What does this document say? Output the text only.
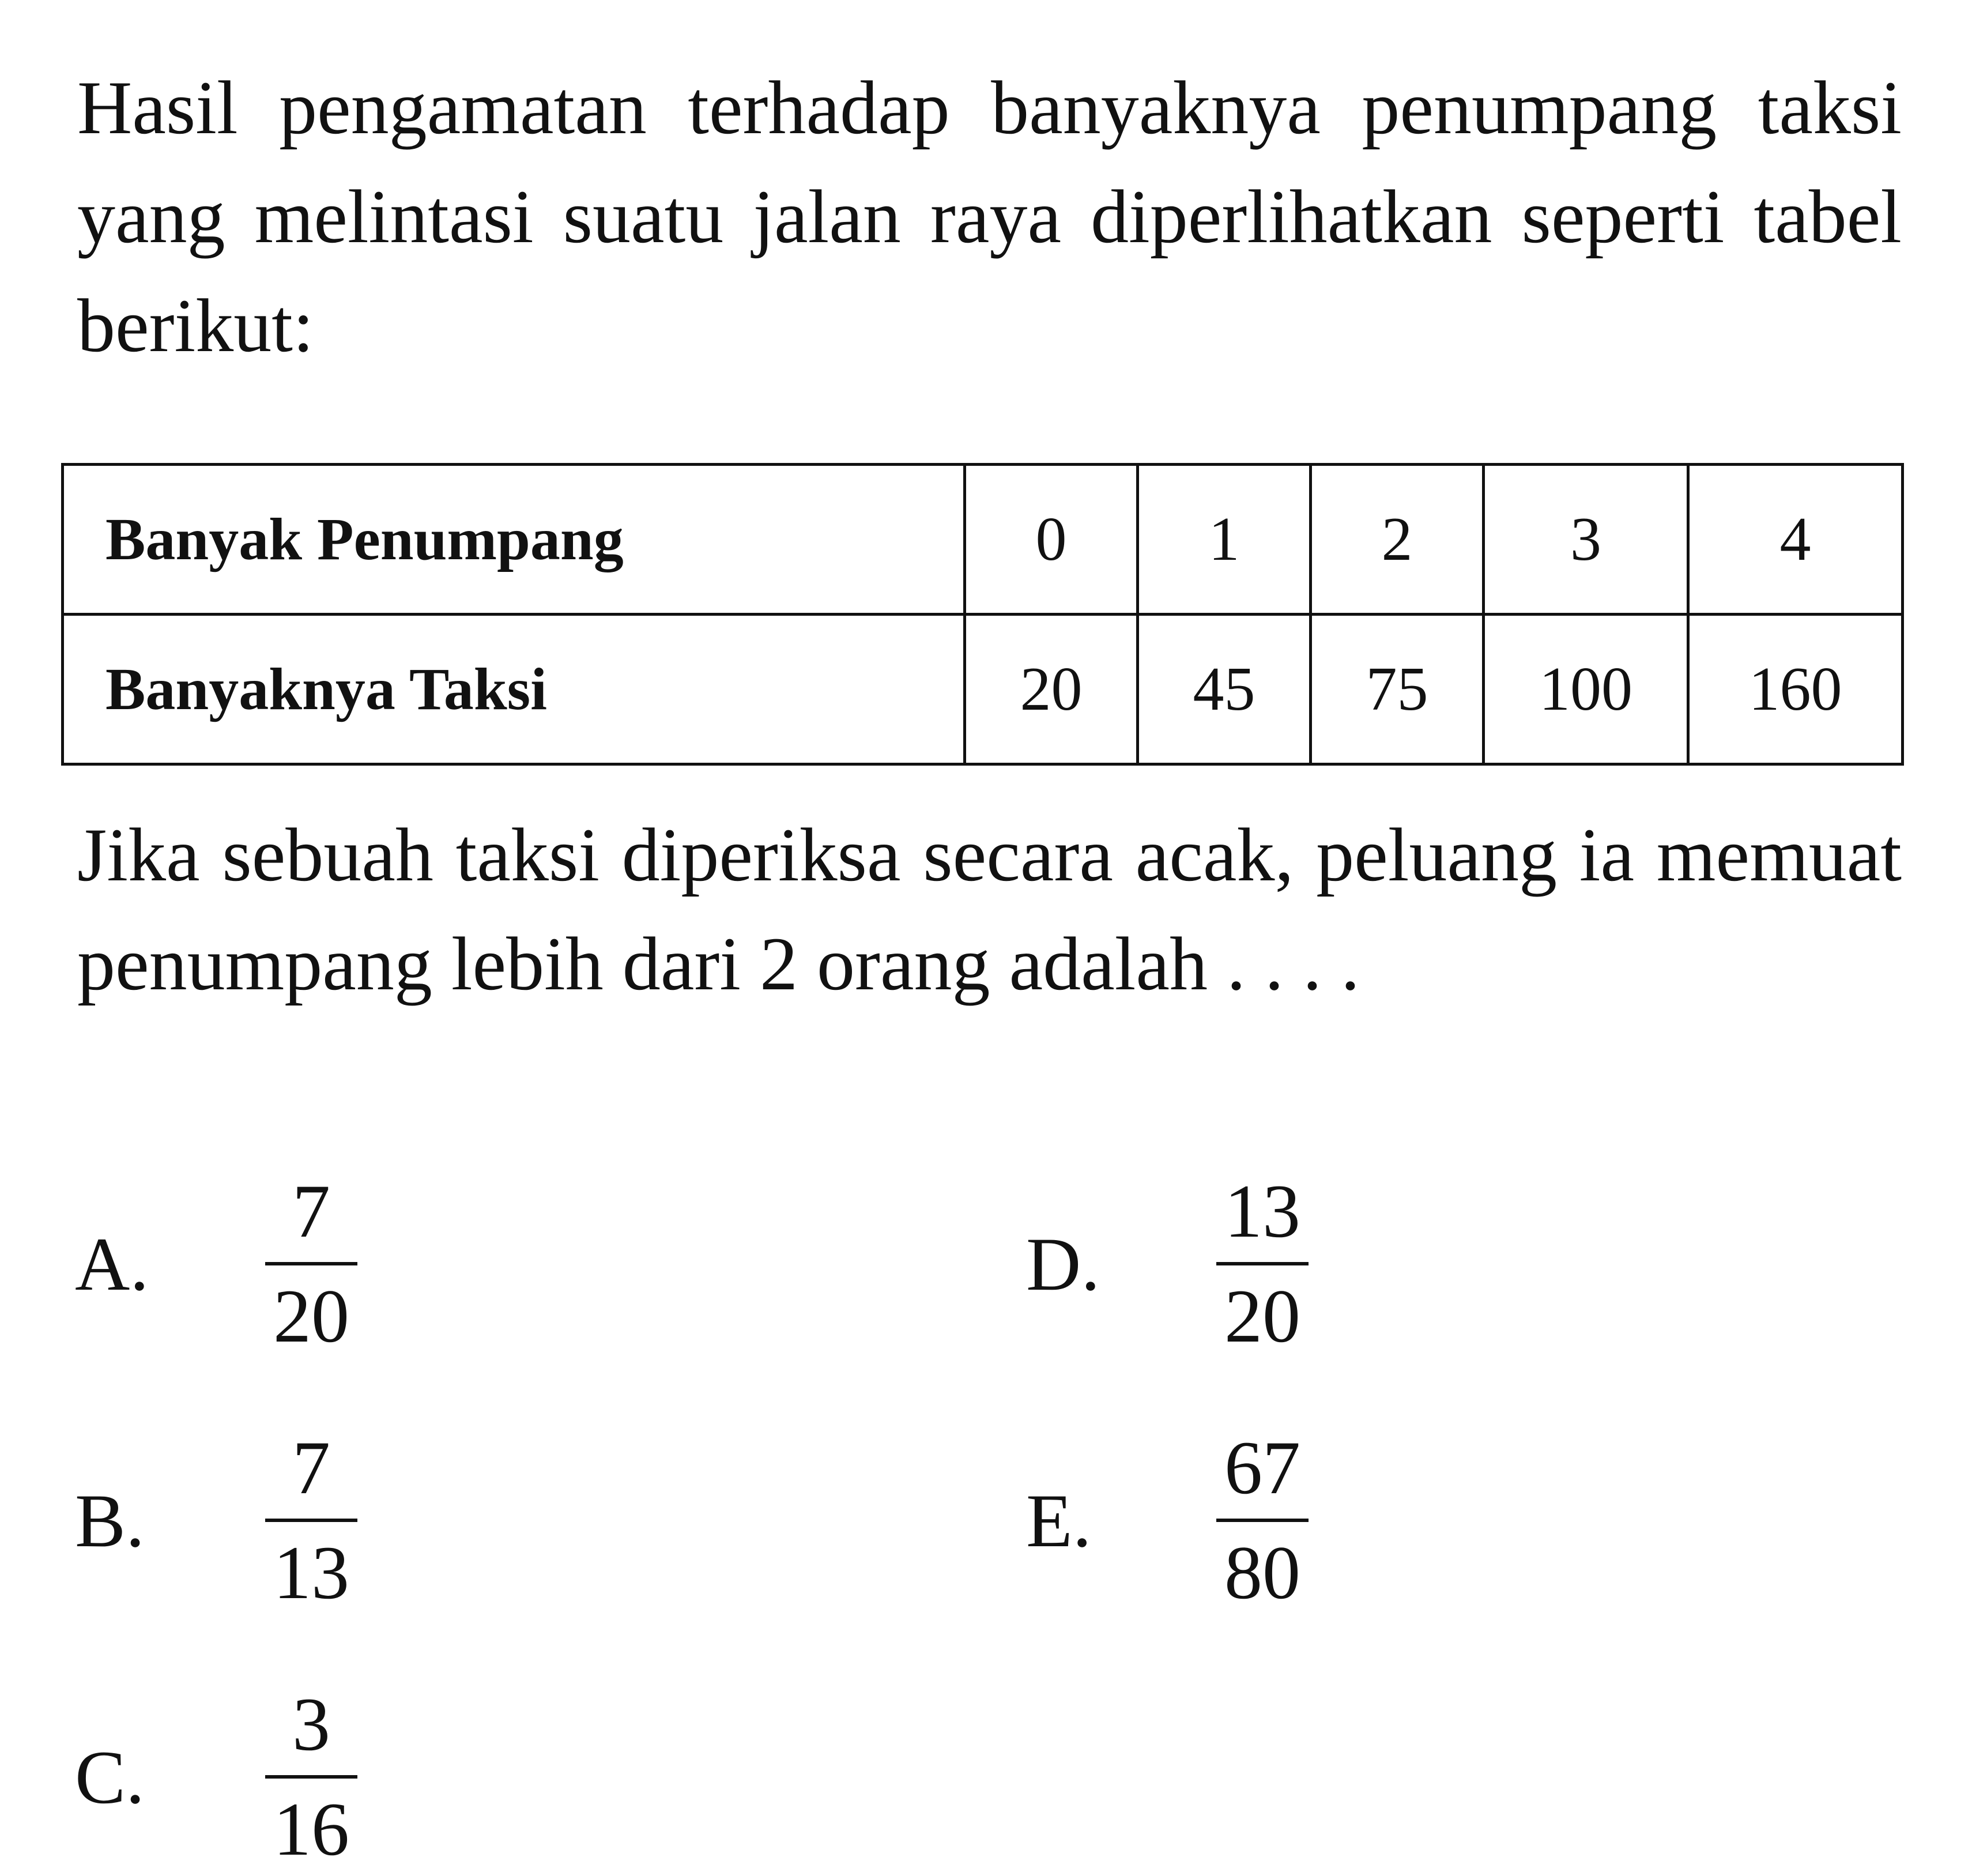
Hasil pengamatan terhadap banyaknya penumpang taksi yang melintasi suatu jalan raya diperlihatkan seperti tabel berikut:

Banyak Penumpang	0	1	2	3	4
Banyaknya Taksi	20	45	75	100	160

Jika sebuah taksi diperiksa secara acak, peluang ia memuat penumpang lebih dari 2 orang adalah . . . .

A.	$\frac{7}{20}$
B.	$\frac{7}{13}$
C.	$\frac{3}{16}$
D.	$\frac{13}{20}$
E.	$\frac{67}{80}$
